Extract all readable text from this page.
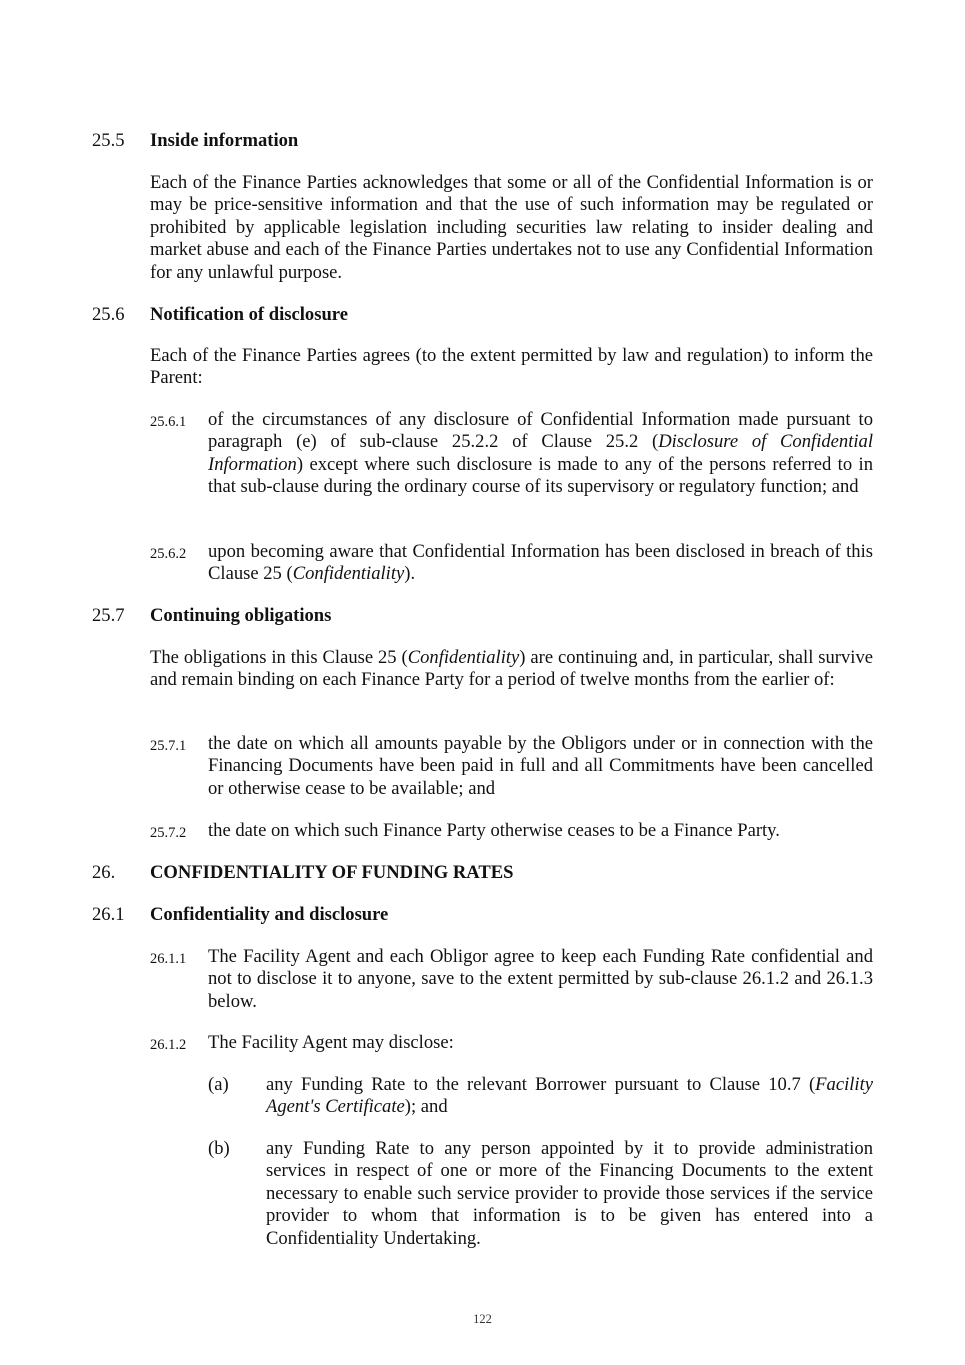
25.5 Inside information
Each of the Finance Parties acknowledges that some or all of the Confidential Information is or may be price-sensitive information and that the use of such information may be regulated or prohibited by applicable legislation including securities law relating to insider dealing and market abuse and each of the Finance Parties undertakes not to use any Confidential Information for any unlawful purpose.
25.6 Notification of disclosure
Each of the Finance Parties agrees (to the extent permitted by law and regulation) to inform the Parent:
25.6.1 of the circumstances of any disclosure of Confidential Information made pursuant to paragraph (e) of sub-clause 25.2.2 of Clause 25.2 (Disclosure of Confidential Information) except where such disclosure is made to any of the persons referred to in that sub-clause during the ordinary course of its supervisory or regulatory function; and
25.6.2 upon becoming aware that Confidential Information has been disclosed in breach of this Clause 25 (Confidentiality).
25.7 Continuing obligations
The obligations in this Clause 25 (Confidentiality) are continuing and, in particular, shall survive and remain binding on each Finance Party for a period of twelve months from the earlier of:
25.7.1 the date on which all amounts payable by the Obligors under or in connection with the Financing Documents have been paid in full and all Commitments have been cancelled or otherwise cease to be available; and
25.7.2 the date on which such Finance Party otherwise ceases to be a Finance Party.
26. CONFIDENTIALITY OF FUNDING RATES
26.1 Confidentiality and disclosure
26.1.1 The Facility Agent and each Obligor agree to keep each Funding Rate confidential and not to disclose it to anyone, save to the extent permitted by sub-clause 26.1.2 and 26.1.3 below.
26.1.2 The Facility Agent may disclose:
(a) any Funding Rate to the relevant Borrower pursuant to Clause 10.7 (Facility Agent's Certificate); and
(b) any Funding Rate to any person appointed by it to provide administration services in respect of one or more of the Financing Documents to the extent necessary to enable such service provider to provide those services if the service provider to whom that information is to be given has entered into a Confidentiality Undertaking.
122
